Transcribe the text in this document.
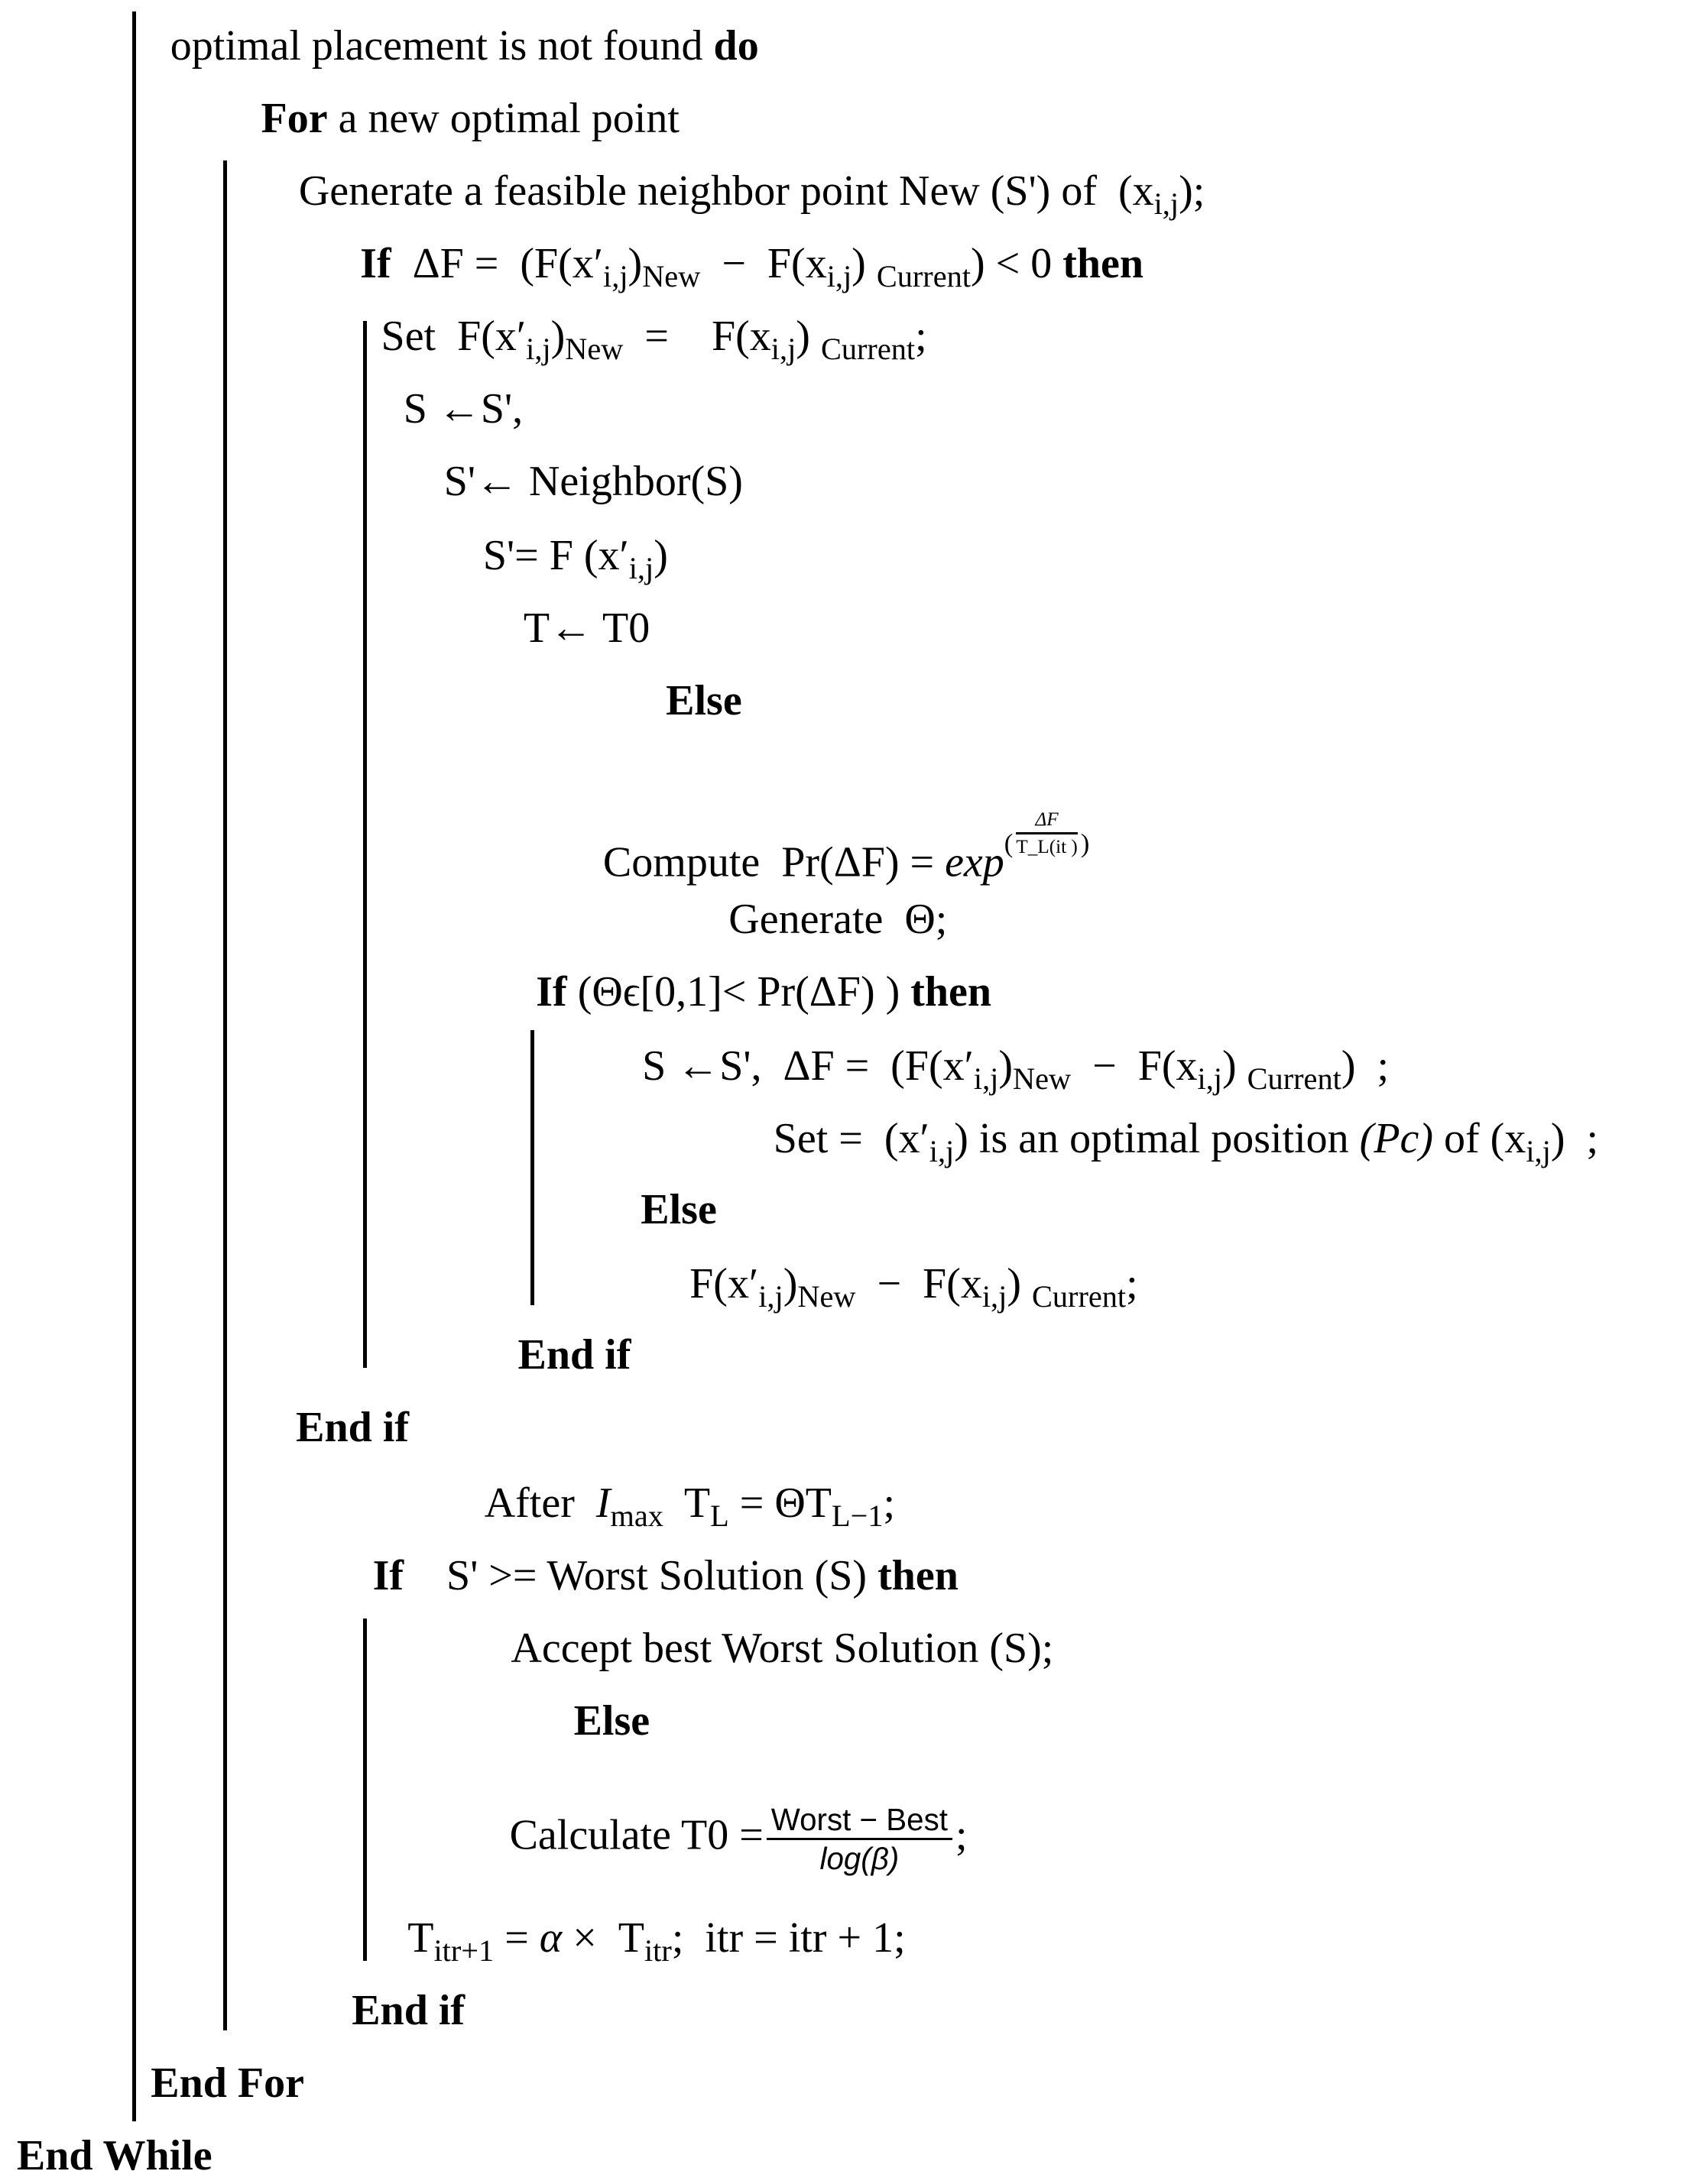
optimal placement is not found do
For a new optimal point
Generate a feasible neighbor point New (S') of  $(x_{i,j})$;
If  $\Delta F = (F(x'_{i,j})_{New} - F(x_{i,j}) _{Current}) < 0$ then
Set  $F(x'_{i,j})_{New}$  =    $F(x_{i,j})$ $_{Current}$;
S ←S',
S'← Neighbor(S)
S'= F $(x'_{i,j})$
T← T0
Else
Compute  $Pr(\Delta F) = \exp^( \frac{\Delta F}{T\_L(it )} ^)$
Generate  Θ;
If (Θϵ[0,1]< Pr(ΔF) ) then
S ←S',  $\Delta F = (F(x'_{i,j})_{New} - F(x_{i,j})$ $_{Current}$)  ;
Set =  $(x'_{i,j})$ is an optimal position (Pc) of $(x_{i,j})$  ;
Else
$F(x'_{i,j})_{New} - F(x_{i,j})$ $_{Current}$;
End if
End if
After  $I_{max}$  $T_L = \Theta T_{L-1}$;
If    S' >= Worst Solution (S) then
Accept best Worst Solution (S);
Else
Calculate $T0 = \frac{\text{Worst − Best}}{\log(\beta)}$ ;
$T_{itr+1} = \alpha \times T_{itr}$;  itr = itr + 1;
End if
End For
End While
